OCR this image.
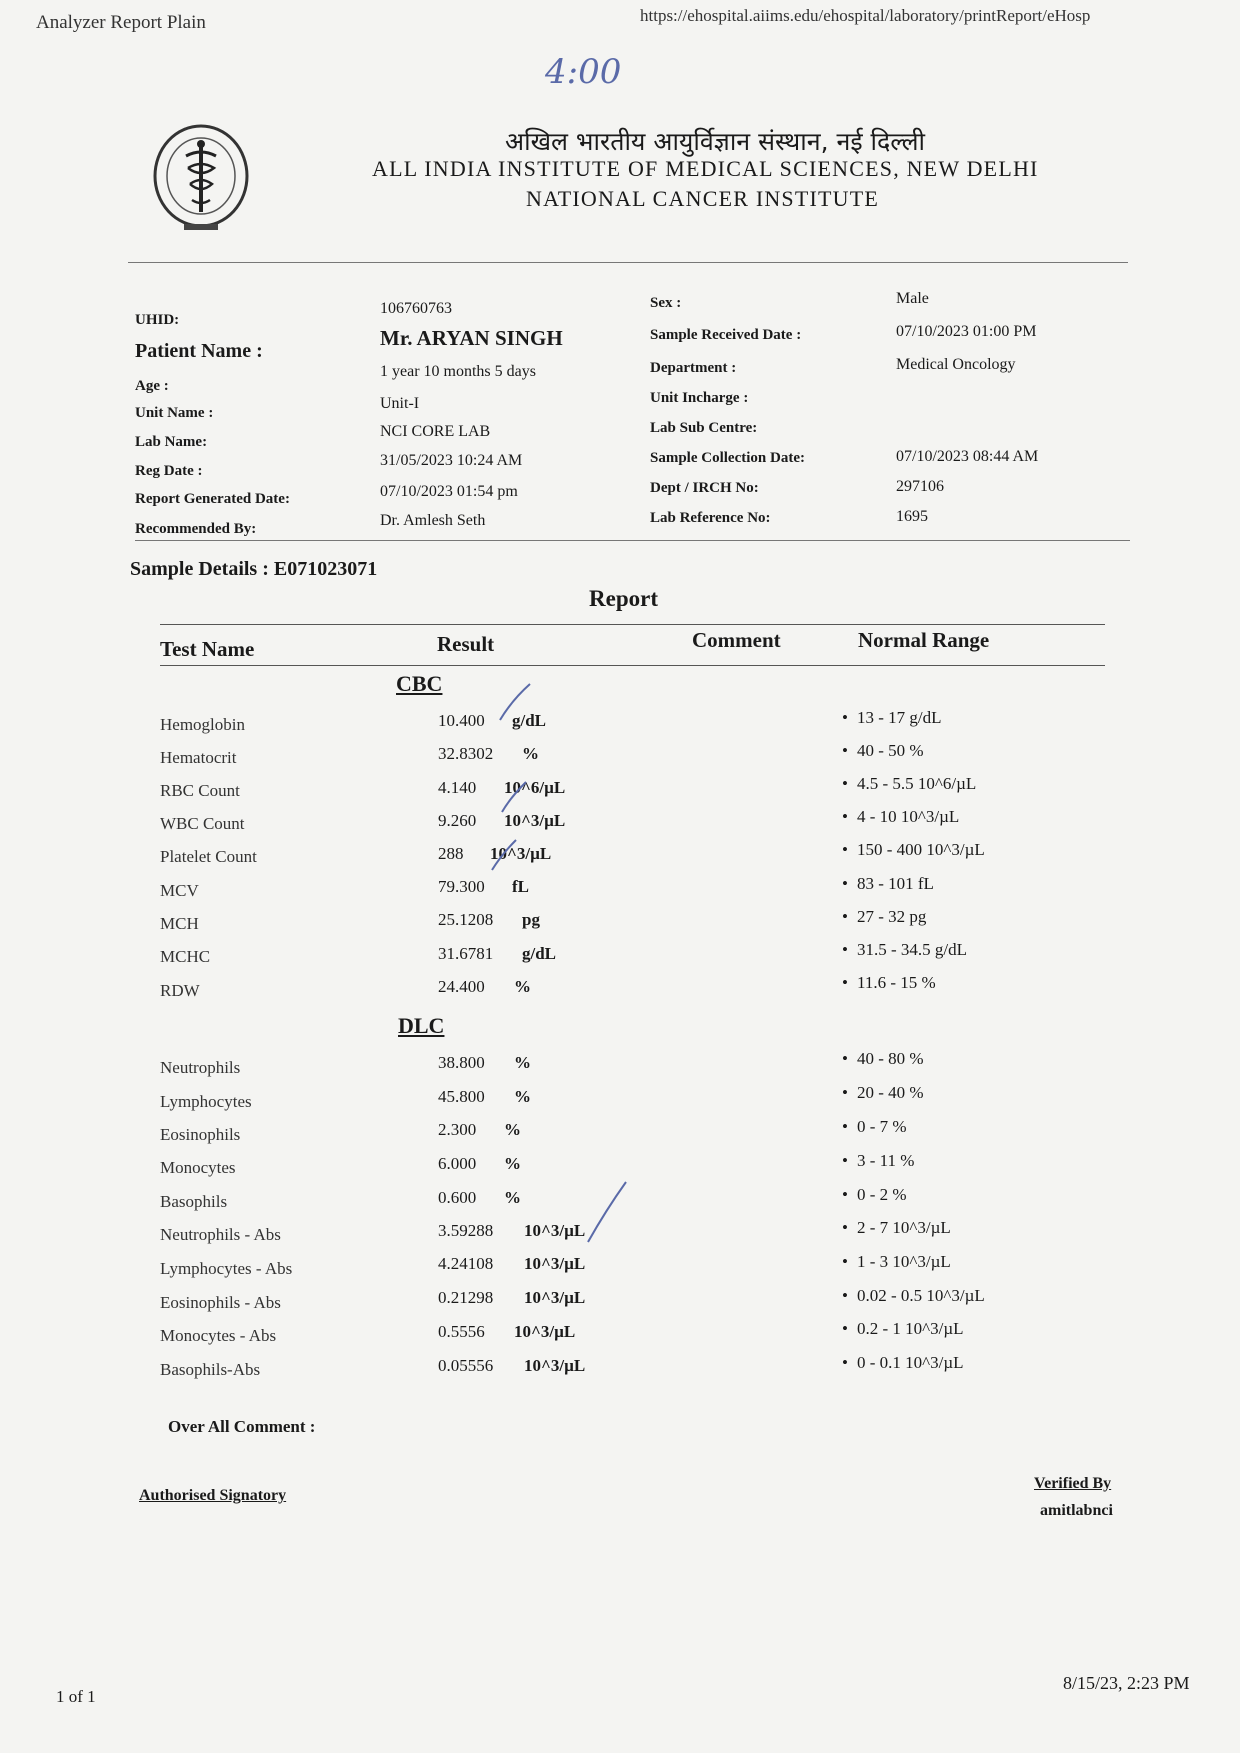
Analyzer Report Plain	https://ehospital.aiims.edu/ehospital/laboratory/printReport/eHosp
4:00
अखिल भारतीय आयुर्विज्ञान संस्थान, नई दिल्ली
ALL INDIA INSTITUTE OF MEDICAL SCIENCES, NEW DELHI
NATIONAL CANCER INSTITUTE
UHID:
106760763
Patient Name :
Mr. ARYAN SINGH
Age :
1 year 10 months 5 days
Unit Name :
Unit-I
Lab Name:
NCI CORE LAB
Reg Date :
31/05/2023 10:24 AM
Report Generated Date:	07/10/2023 01:54 pm
Recommended By:	Dr. Amlesh Seth
Sex :	Male
Sample Received Date :	07/10/2023 01:00 PM
Department :	Medical Oncology
Unit Incharge :
Lab Sub Centre:
Sample Collection Date:	07/10/2023 08:44 AM
Dept / IRCH No:	297106
Lab Reference No:	1695
Sample Details : E071023071
Report
Test Name	Result	Comment	Normal Range
CBC
Hemoglobin	10.400 g/dL	• 13 - 17 g/dL
Hematocrit	32.8302 %	• 40 - 50 %
RBC Count	4.140 10^6/µL	• 4.5 - 5.5 10^6/µL
WBC Count	9.260 10^3/µL	• 4 - 10 10^3/µL
Platelet Count	288 10^3/µL	• 150 - 400 10^3/µL
MCV	79.300 fL	• 83 - 101 fL
MCH	25.1208 pg	• 27 - 32 pg
MCHC	31.6781 g/dL	• 31.5 - 34.5 g/dL
RDW	24.400 %	• 11.6 - 15 %
DLC
Neutrophils	38.800 %	• 40 - 80 %
Lymphocytes	45.800 %	• 20 - 40 %
Eosinophils	2.300 %	• 0 - 7 %
Monocytes	6.000 %	• 3 - 11 %
Basophils	0.600 %	• 0 - 2 %
Neutrophils - Abs	3.59288 10^3/µL	• 2 - 7 10^3/µL
Lymphocytes - Abs	4.24108 10^3/µL	• 1 - 3 10^3/µL
Eosinophils - Abs	0.21298 10^3/µL	• 0.02 - 0.5 10^3/µL
Monocytes - Abs	0.5556 10^3/µL	• 0.2 - 1 10^3/µL
Basophils-Abs	0.05556 10^3/µL	• 0 - 0.1 10^3/µL
Over All Comment :
Authorised Signatory
Verified By
amitlabnci
1 of 1
8/15/23, 2:23 PM
